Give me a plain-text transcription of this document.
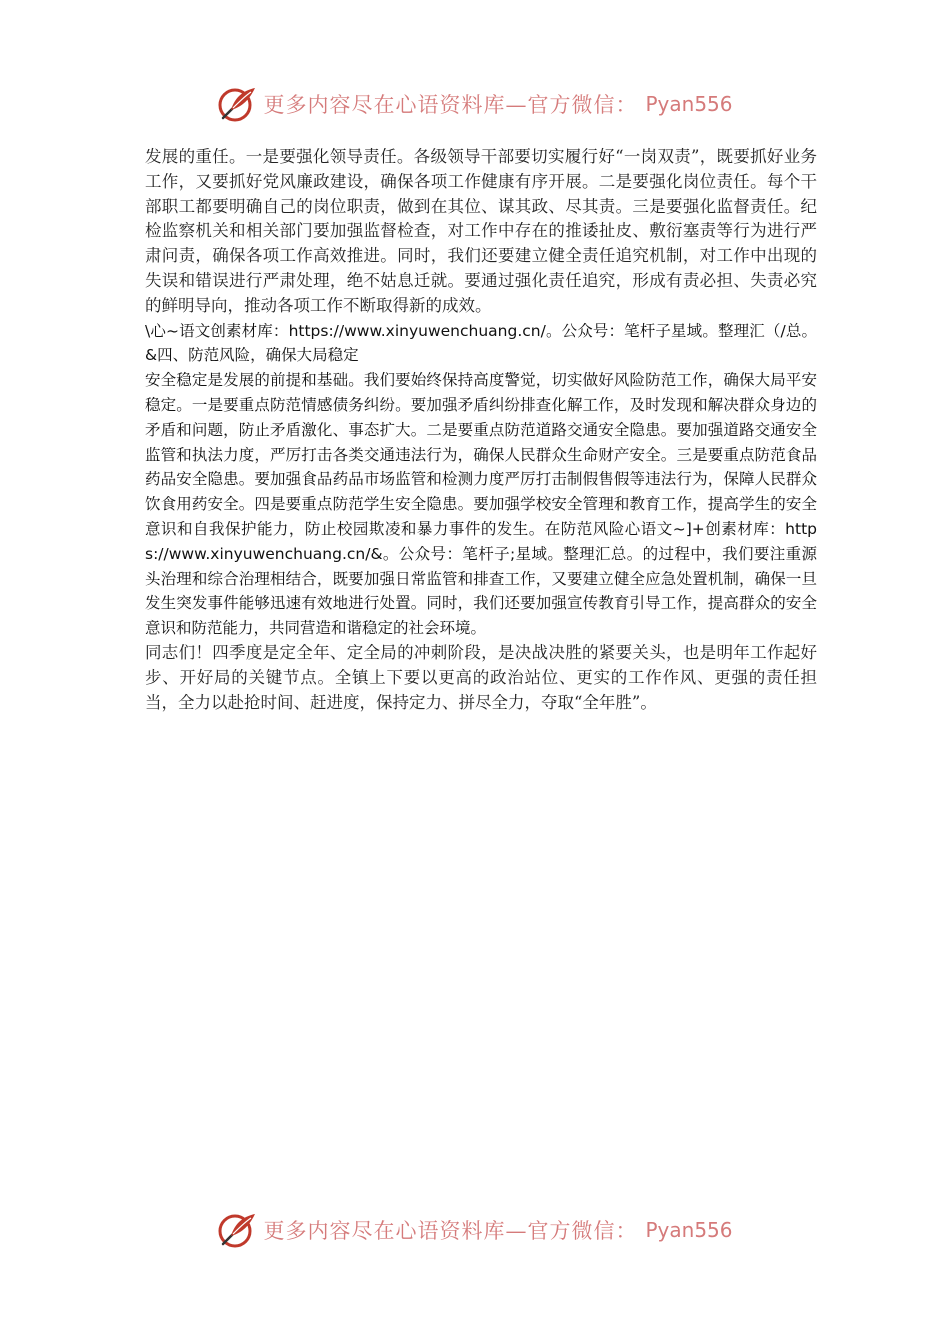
更多内容尽在心语资料库—官方微信： Pyan556

发展的重任。一是要强化领导责任。各级领导干部要切实履行好“一岗双责”，既要抓好业务工作，又要抓好党风廉政建设，确保各项工作健康有序开展。二是要强化岗位责任。每个干部职工都要明确自己的岗位职责，做到在其位、谋其政、尽其责。三是要强化监督责任。纪检监察机关和相关部门要加强监督检查，对工作中存在的推诿扯皮、敷衍塞责等行为进行严肃问责，确保各项工作高效推进。同时，我们还要建立健全责任追究机制，对工作中出现的失误和错误进行严肃处理，绝不姑息迁就。要通过强化责任追究，形成有责必担、失责必究的鲜明导向，推动各项工作不断取得新的成效。

\心~语文创素材库：https://www.xinyuwenchuang.cn/。公众号：笔杆子星域。整理汇（/总。&四、防范风险，确保大局稳定

安全稳定是发展的前提和基础。我们要始终保持高度警觉，切实做好风险防范工作，确保大局平安稳定。一是要重点防范情感债务纠纷。要加强矛盾纠纷排查化解工作，及时发现和解决群众身边的矛盾和问题，防止矛盾激化、事态扩大。二是要重点防范道路交通安全隐患。要加强道路交通安全监管和执法力度，严厉打击各类交通违法行为，确保人民群众生命财产安全。三是要重点防范食品药品安全隐患。要加强食品药品市场监管和检测力度严厉打击制假售假等违法行为，保障人民群众饮食用药安全。四是要重点防范学生安全隐患。要加强学校安全管理和教育工作，提高学生的安全意识和自我保护能力，防止校园欺凌和暴力事件的发生。在防范风险心语文~]+创素材库：https://www.xinyuwenchuang.cn/&。公众号：笔杆子;星域。整理汇总。的过程中，我们要注重源头治理和综合治理相结合，既要加强日常监管和排查工作，又要建立健全应急处置机制，确保一旦发生突发事件能够迅速有效地进行处置。同时，我们还要加强宣传教育引导工作，提高群众的安全意识和防范能力，共同营造和谐稳定的社会环境。

同志们！四季度是定全年、定全局的冲刺阶段，是决战决胜的紧要关头，也是明年工作起好步、开好局的关键节点。全镇上下要以更高的政治站位、更实的工作作风、更强的责任担当，全力以赴抢时间、赶进度，保持定力、拼尽全力，夺取“全年胜”。

更多内容尽在心语资料库—官方微信： Pyan556
